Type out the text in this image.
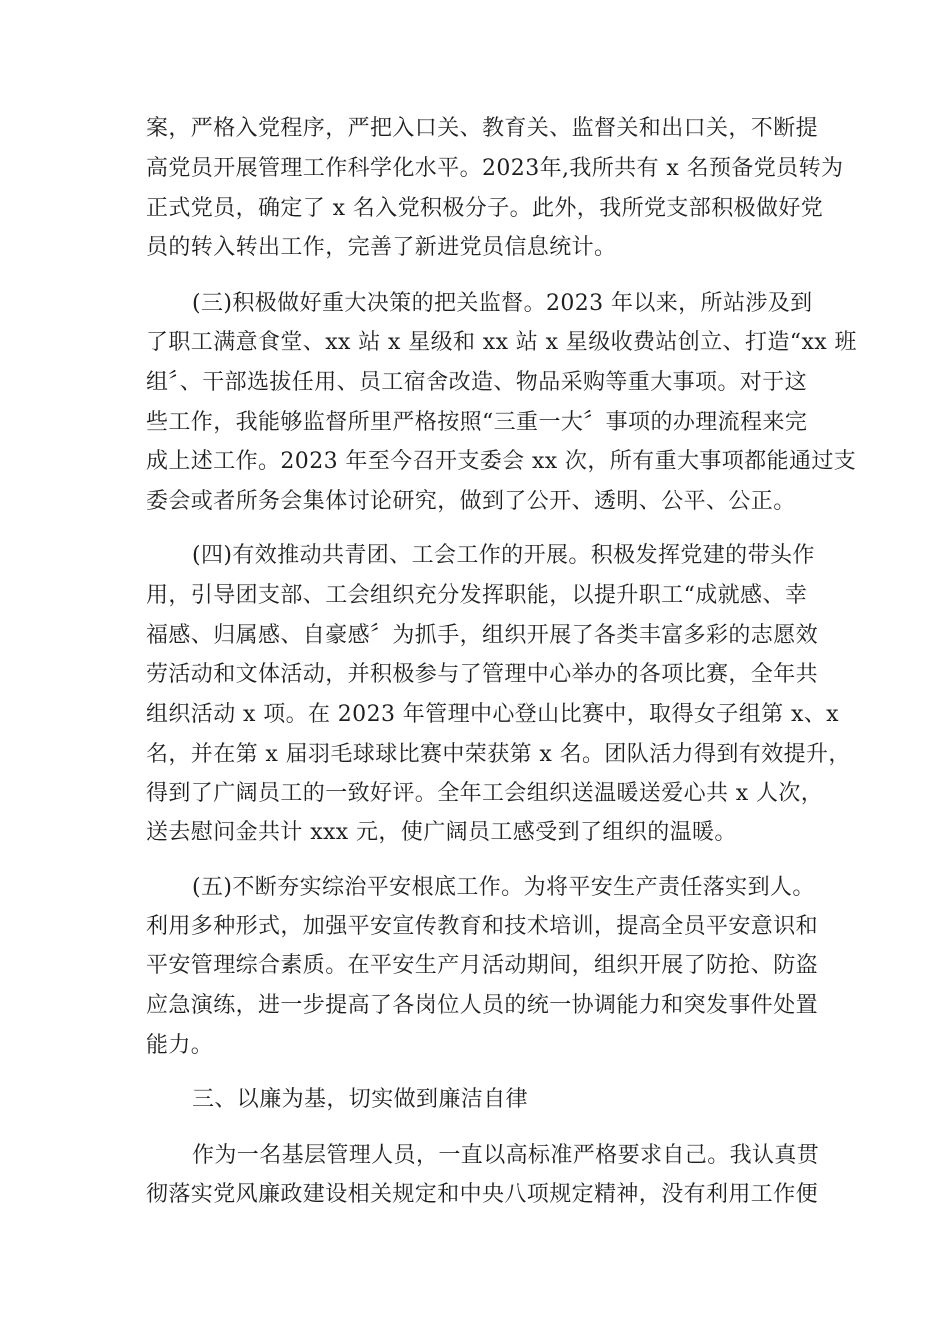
案，严格入党程序，严把入口关、教育关、监督关和出口关，不断提
高党员开展管理工作科学化水平。2023年,我所共有 x 名预备党员转为
正式党员，确定了 x 名入党积极分子。此外，我所党支部积极做好党
员的转入转出工作，完善了新进党员信息统计。
(三)积极做好重大决策的把关监督。2023 年以来，所站涉及到
了职工满意食堂、xx 站 x 星级和 xx 站 x 星级收费站创立、打造“xx 班
组〞、干部选拔任用、员工宿舍改造、物品采购等重大事项。对于这
些工作，我能够监督所里严格按照“三重一大〞事项的办理流程来完
成上述工作。2023 年至今召开支委会 xx 次，所有重大事项都能通过支
委会或者所务会集体讨论研究，做到了公开、透明、公平、公正。
(四)有效推动共青团、工会工作的开展。积极发挥党建的带头作
用，引导团支部、工会组织充分发挥职能，以提升职工“成就感、幸
福感、归属感、自豪感〞为抓手，组织开展了各类丰富多彩的志愿效
劳活动和文体活动，并积极参与了管理中心举办的各项比赛，全年共
组织活动 x 项。在 2023 年管理中心登山比赛中，取得女子组第 x、x
名，并在第 x 届羽毛球球比赛中荣获第 x 名。团队活力得到有效提升，
得到了广阔员工的一致好评。全年工会组织送温暖送爱心共 x 人次，
送去慰问金共计 xxx 元，使广阔员工感受到了组织的温暖。
(五)不断夯实综治平安根底工作。为将平安生产责任落实到人。
利用多种形式，加强平安宣传教育和技术培训，提高全员平安意识和
平安管理综合素质。在平安生产月活动期间，组织开展了防抢、防盗
应急演练，进一步提高了各岗位人员的统一协调能力和突发事件处置
能力。
三、以廉为基，切实做到廉洁自律
作为一名基层管理人员，一直以高标准严格要求自己。我认真贯
彻落实党风廉政建设相关规定和中央八项规定精神，没有利用工作便
